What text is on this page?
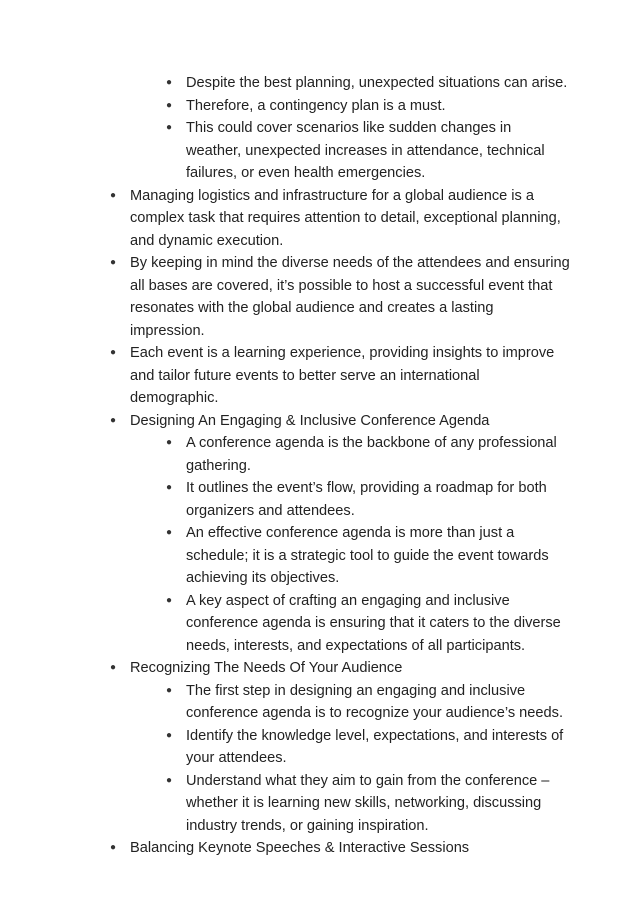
● Despite the best planning, unexpected situations can arise.
● Therefore, a contingency plan is a must.
● This could cover scenarios like sudden changes in weather, unexpected increases in attendance, technical failures, or even health emergencies.
● Managing logistics and infrastructure for a global audience is a complex task that requires attention to detail, exceptional planning, and dynamic execution.
● By keeping in mind the diverse needs of the attendees and ensuring all bases are covered, it’s possible to host a successful event that resonates with the global audience and creates a lasting impression.
● Each event is a learning experience, providing insights to improve and tailor future events to better serve an international demographic.
● Designing An Engaging & Inclusive Conference Agenda
● A conference agenda is the backbone of any professional gathering.
● It outlines the event’s flow, providing a roadmap for both organizers and attendees.
● An effective conference agenda is more than just a schedule; it is a strategic tool to guide the event towards achieving its objectives.
● A key aspect of crafting an engaging and inclusive conference agenda is ensuring that it caters to the diverse needs, interests, and expectations of all participants.
● Recognizing The Needs Of Your Audience
● The first step in designing an engaging and inclusive conference agenda is to recognize your audience’s needs.
● Identify the knowledge level, expectations, and interests of your attendees.
● Understand what they aim to gain from the conference – whether it is learning new skills, networking, discussing industry trends, or gaining inspiration.
● Balancing Keynote Speeches & Interactive Sessions
